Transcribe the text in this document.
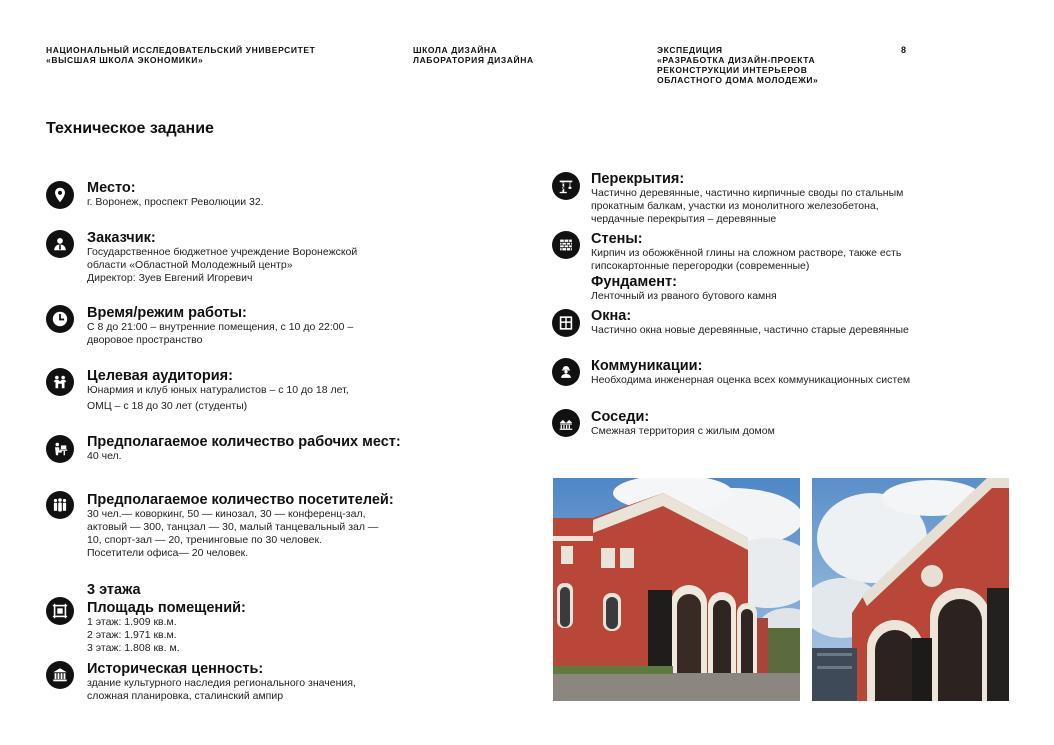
НАЦИОНАЛЬНЫЙ ИССЛЕДОВАТЕЛЬСКИЙ УНИВЕРСИТЕТ
«ВЫСШАЯ ШКОЛА ЭКОНОМИКИ»
ШКОЛА ДИЗАЙНА
ЛАБОРАТОРИЯ ДИЗАЙНА
ЭКСПЕДИЦИЯ
«РАЗРАБОТКА ДИЗАЙН-ПРОЕКТА
РЕКОНСТРУКЦИИ ИНТЕРЬЕРОВ
ОБЛАСТНОГО ДОМА МОЛОДЕЖИ»
8
Техническое задание
Место:
г. Воронеж, проспект Революции 32.
Заказчик:
Государственное бюджетное учреждение Воронежской
области «Областной Молодежный центр»
Директор: Зуев Евгений Игоревич
Время/режим работы:
С 8 до 21:00 – внутренние помещения, с 10 до 22:00 –
дворовое пространство
Целевая аудитория:
Юнармия и клуб юных натуралистов – с 10 до 18 лет,
ОМЦ – с 18 до 30 лет (студенты)
Предполагаемое количество рабочих мест:
40 чел.
Предполагаемое количество посетителей:
30 чел.— коворкинг, 50 — кинозал, 30 — конференц-зал,
актовый — 300, танцзал — 30, малый танцевальный зал —
10, спорт-зал — 20, тренинговые по 30 человек.
Посетители офиса— 20 человек.
3 этажа
Площадь помещений:
1 этаж: 1.909 кв.м.
2 этаж: 1.971 кв.м.
3 этаж: 1.808 кв. м.
Историческая ценность:
здание культурного наследия регионального значения,
сложная планировка, сталинский ампир
Перекрытия:
Частично деревянные, частично кирпичные своды по стальным
прокатным балкам, участки из монолитного железобетона,
чердачные перекрытия – деревянные
Стены:
Кирпич из обожжённой глины на сложном растворе, также есть
гипсокартонные перегородки (современные)
Фундамент:
Ленточный из рваного бутового камня
Окна:
Частично окна новые деревянные, частично старые деревянные
Коммуникации:
Необходима инженерная оценка всех коммуникационных систем
Соседи:
Смежная территория с жилым домом
